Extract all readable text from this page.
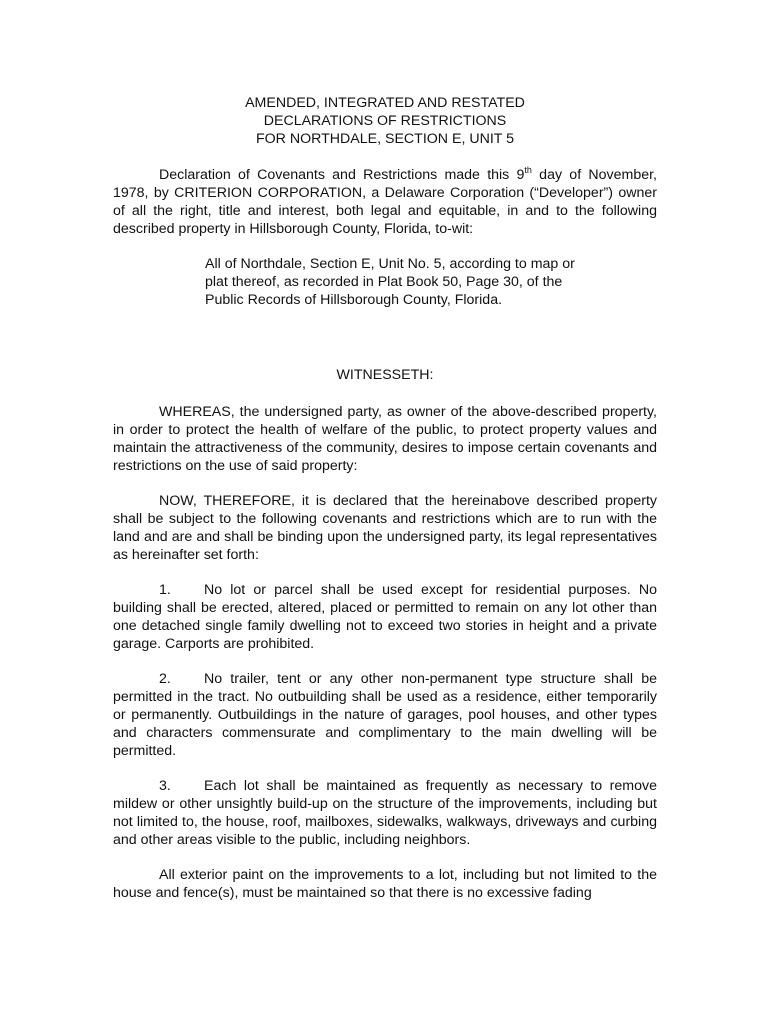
AMENDED, INTEGRATED AND RESTATED
DECLARATIONS OF RESTRICTIONS
FOR NORTHDALE, SECTION E, UNIT 5

Declaration of Covenants and Restrictions made this 9th day of November, 1978, by CRITERION CORPORATION, a Delaware Corporation (“Developer”) owner of all the right, title and interest, both legal and equitable, in and to the following described property in Hillsborough County, Florida, to-wit:

All of Northdale, Section E, Unit No. 5, according to map or plat thereof, as recorded in Plat Book 50, Page 30, of the Public Records of Hillsborough County, Florida.

WITNESSETH:

WHEREAS, the undersigned party, as owner of the above-described property, in order to protect the health of welfare of the public, to protect property values and maintain the attractiveness of the community, desires to impose certain covenants and restrictions on the use of said property:

NOW, THEREFORE, it is declared that the hereinabove described property shall be subject to the following covenants and restrictions which are to run with the land and are and shall be binding upon the undersigned party, its legal representatives as hereinafter set forth:

1. No lot or parcel shall be used except for residential purposes. No building shall be erected, altered, placed or permitted to remain on any lot other than one detached single family dwelling not to exceed two stories in height and a private garage. Carports are prohibited.

2. No trailer, tent or any other non-permanent type structure shall be permitted in the tract. No outbuilding shall be used as a residence, either temporarily or permanently. Outbuildings in the nature of garages, pool houses, and other types and characters commensurate and complimentary to the main dwelling will be permitted.

3. Each lot shall be maintained as frequently as necessary to remove mildew or other unsightly build-up on the structure of the improvements, including but not limited to, the house, roof, mailboxes, sidewalks, walkways, driveways and curbing and other areas visible to the public, including neighbors.

All exterior paint on the improvements to a lot, including but not limited to the house and fence(s), must be maintained so that there is no excessive fading
